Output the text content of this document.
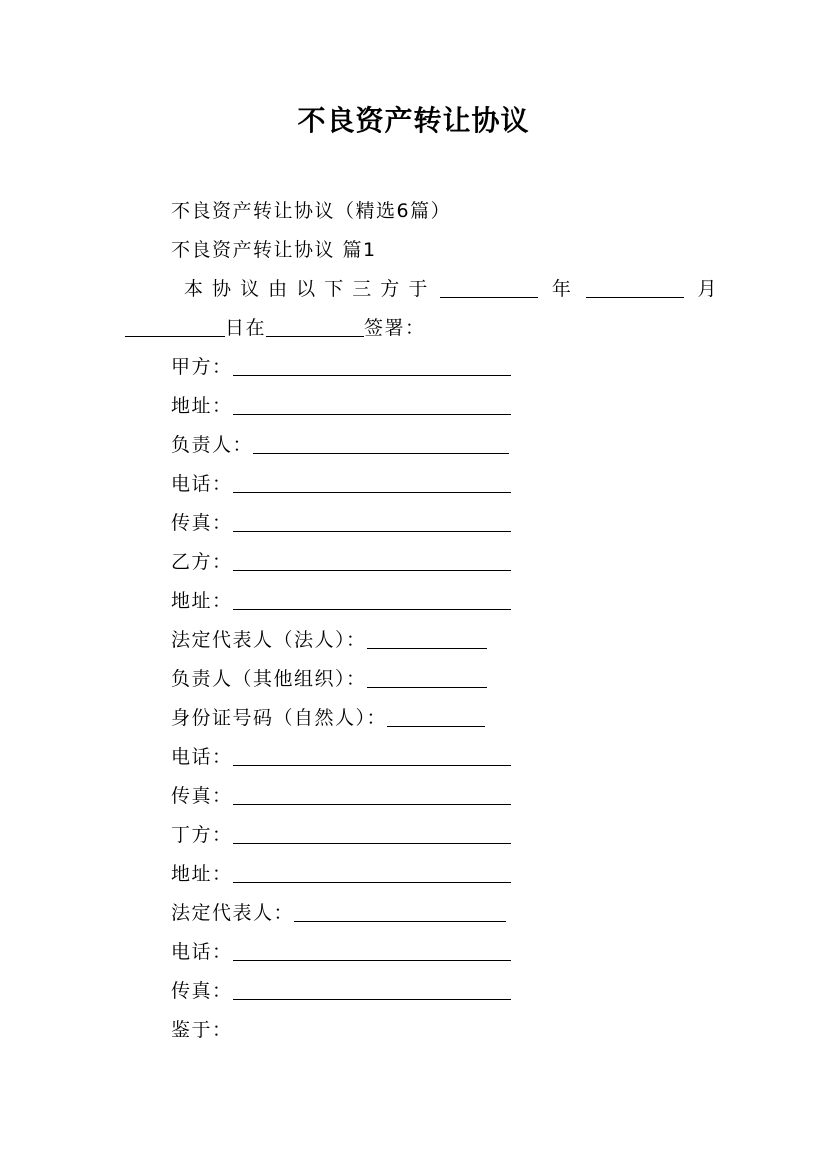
不良资产转让协议
不良资产转让协议（精选6篇）
不良资产转让协议 篇1
本 协 议 由 以 下 三 方 于	年	月
日在	签署：
甲方：
地址：
负责人：
电话：
传真：
乙方：
地址：
法定代表人（法人）：
负责人（其他组织）：
身份证号码（自然人）：
电话：
传真：
丁方：
地址：
法定代表人：
电话：
传真：
鉴于：
